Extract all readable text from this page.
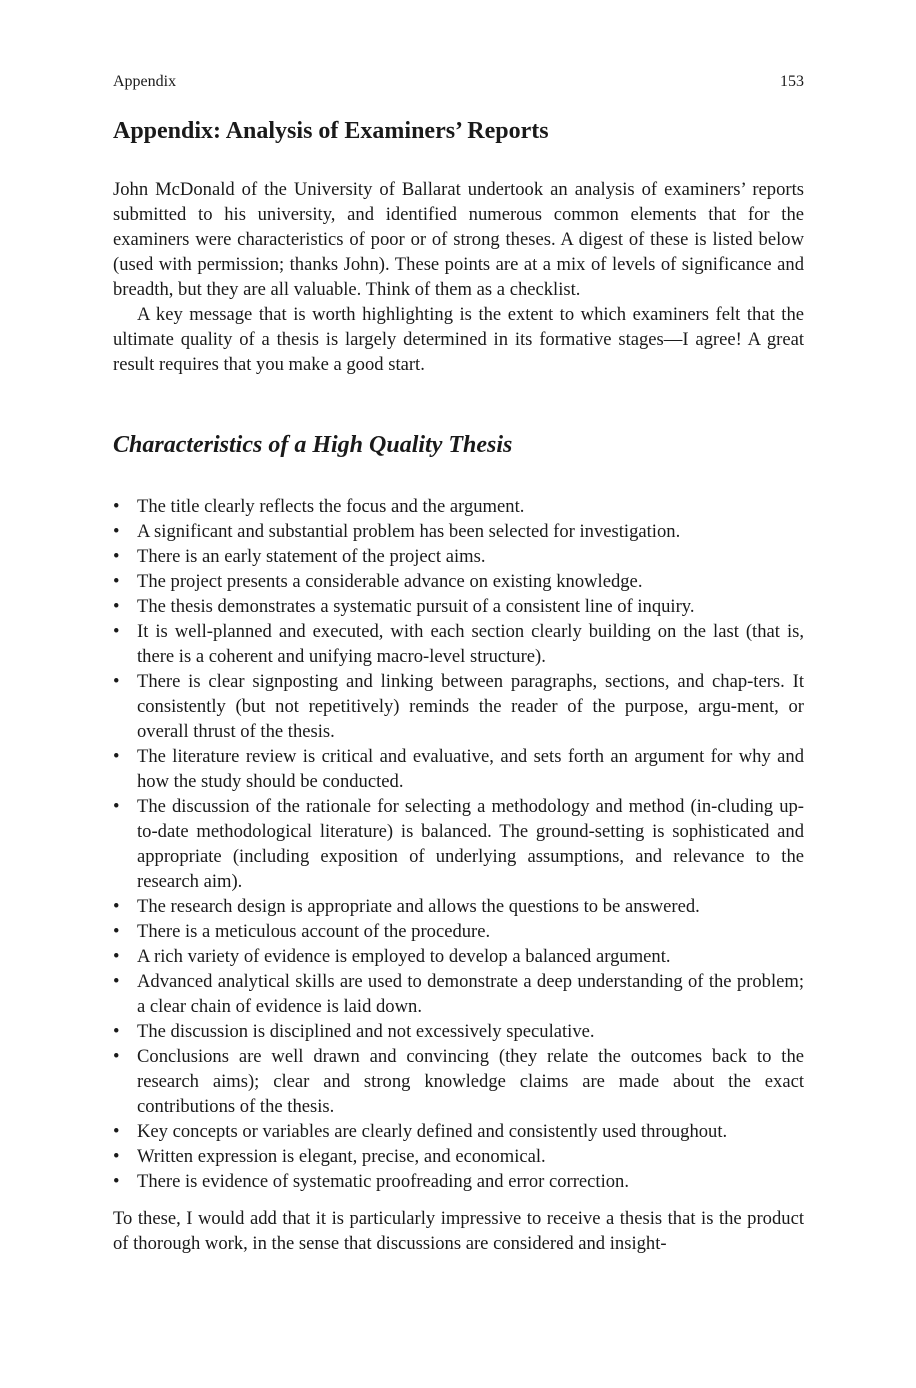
Appendix	153
Appendix: Analysis of Examiners’ Reports

John McDonald of the University of Ballarat undertook an analysis of examiners’ reports submitted to his university, and identified numerous common elements that for the examiners were characteristics of poor or of strong theses. A digest of these is listed below (used with permission; thanks John). These points are at a mix of levels of significance and breadth, but they are all valuable. Think of them as a checklist.

A key message that is worth highlighting is the extent to which examiners felt that the ultimate quality of a thesis is largely determined in its formative stages—I agree! A great result requires that you make a good start.

Characteristics of a High Quality Thesis
• The title clearly reflects the focus and the argument.
• A significant and substantial problem has been selected for investigation.
• There is an early statement of the project aims.
• The project presents a considerable advance on existing knowledge.
• The thesis demonstrates a systematic pursuit of a consistent line of inquiry.
• It is well-planned and executed, with each section clearly building on the last (that is, there is a coherent and unifying macro-level structure).
• There is clear signposting and linking between paragraphs, sections, and chap-ters. It consistently (but not repetitively) reminds the reader of the purpose, argu-ment, or overall thrust of the thesis.
• The literature review is critical and evaluative, and sets forth an argument for why and how the study should be conducted.
• The discussion of the rationale for selecting a methodology and method (in-cluding up-to-date methodological literature) is balanced. The ground-setting is sophisticated and appropriate (including exposition of underlying assumptions, and relevance to the research aim).
• The research design is appropriate and allows the questions to be answered.
• There is a meticulous account of the procedure.
• A rich variety of evidence is employed to develop a balanced argument.
• Advanced analytical skills are used to demonstrate a deep understanding of the problem; a clear chain of evidence is laid down.
• The discussion is disciplined and not excessively speculative.
• Conclusions are well drawn and convincing (they relate the outcomes back to the research aims); clear and strong knowledge claims are made about the exact contributions of the thesis.
• Key concepts or variables are clearly defined and consistently used throughout.
• Written expression is elegant, precise, and economical.
• There is evidence of systematic proofreading and error correction.

To these, I would add that it is particularly impressive to receive a thesis that is the product of thorough work, in the sense that discussions are considered and insight-
